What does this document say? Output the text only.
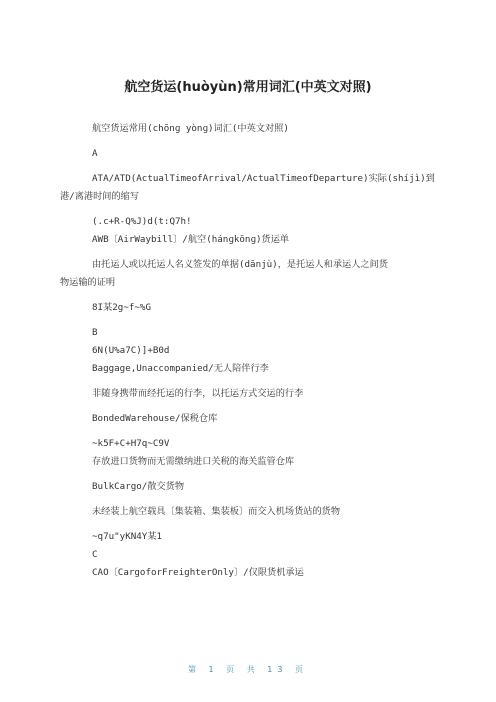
航空货运(huòyùn)常用词汇(中英文对照)
航空货运常用(chōnɡ yònɡ)词汇(中英文对照)
A
ATA/ATD(ActualTimeofArrival/ActualTimeofDeparture)实际(shíjì)到
港/离港时间的缩写
(.c+R-Q%J)d(t:Q7h!
AWB〔AirWaybill〕/航空(hánɡkōnɡ)货运单
由托运人或以托运人名义签发的单据(dānjù)，是托运人和承运人之间货
物运输的证明
8I某2g~f~%G
B
6N(U%a7C)]+B0d
Baggage,Unaccompanied/无人陪伴行李
非随身携带而经托运的行李，以托运方式交运的行李
BondedWarehouse/保税仓库
~k5F+C+H7q~C9V
存放进口货物而无需缴纳进口关税的海关监管仓库
BulkCargo/散交货物
未经装上航空载具〔集装箱、集装板〕而交入机场货站的货物
~q7u"yKN4Y某1
C
CAO〔CargoforFreighterOnly〕/仅限货机承运
第 1 页 共 13 页
